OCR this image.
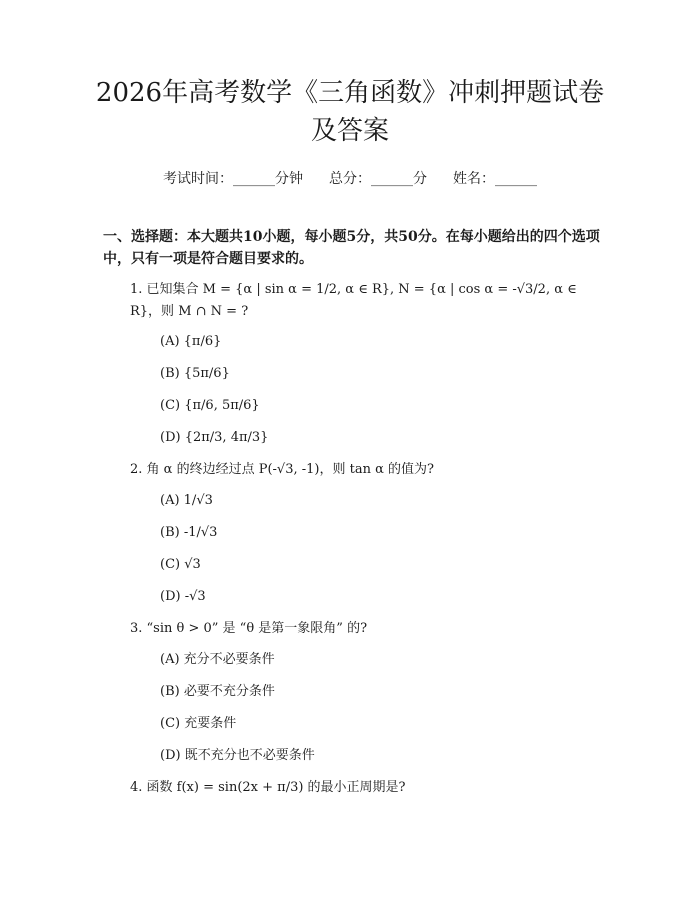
2026年高考数学《三角函数》冲刺押题试卷及答案
考试时间：______分钟 总分：______分 姓名：______
一、选择题：本大题共10小题，每小题5分，共50分。在每小题给出的四个选项中，只有一项是符合题目要求的。
1. 已知集合 M = {α | sin α = 1/2, α ∈ R}, N = {α | cos α = -√3/2, α ∈ R}，则 M ∩ N = ?
(A) {π/6}
(B) {5π/6}
(C) {π/6, 5π/6}
(D) {2π/3, 4π/3}
2. 角 α 的终边经过点 P(-√3, -1)，则 tan α 的值为?
(A) 1/√3
(B) -1/√3
(C) √3
(D) -√3
3. “sin θ > 0” 是 “θ 是第一象限角” 的?
(A) 充分不必要条件
(B) 必要不充分条件
(C) 充要条件
(D) 既不充分也不必要条件
4. 函数 f(x) = sin(2x + π/3) 的最小正周期是?
